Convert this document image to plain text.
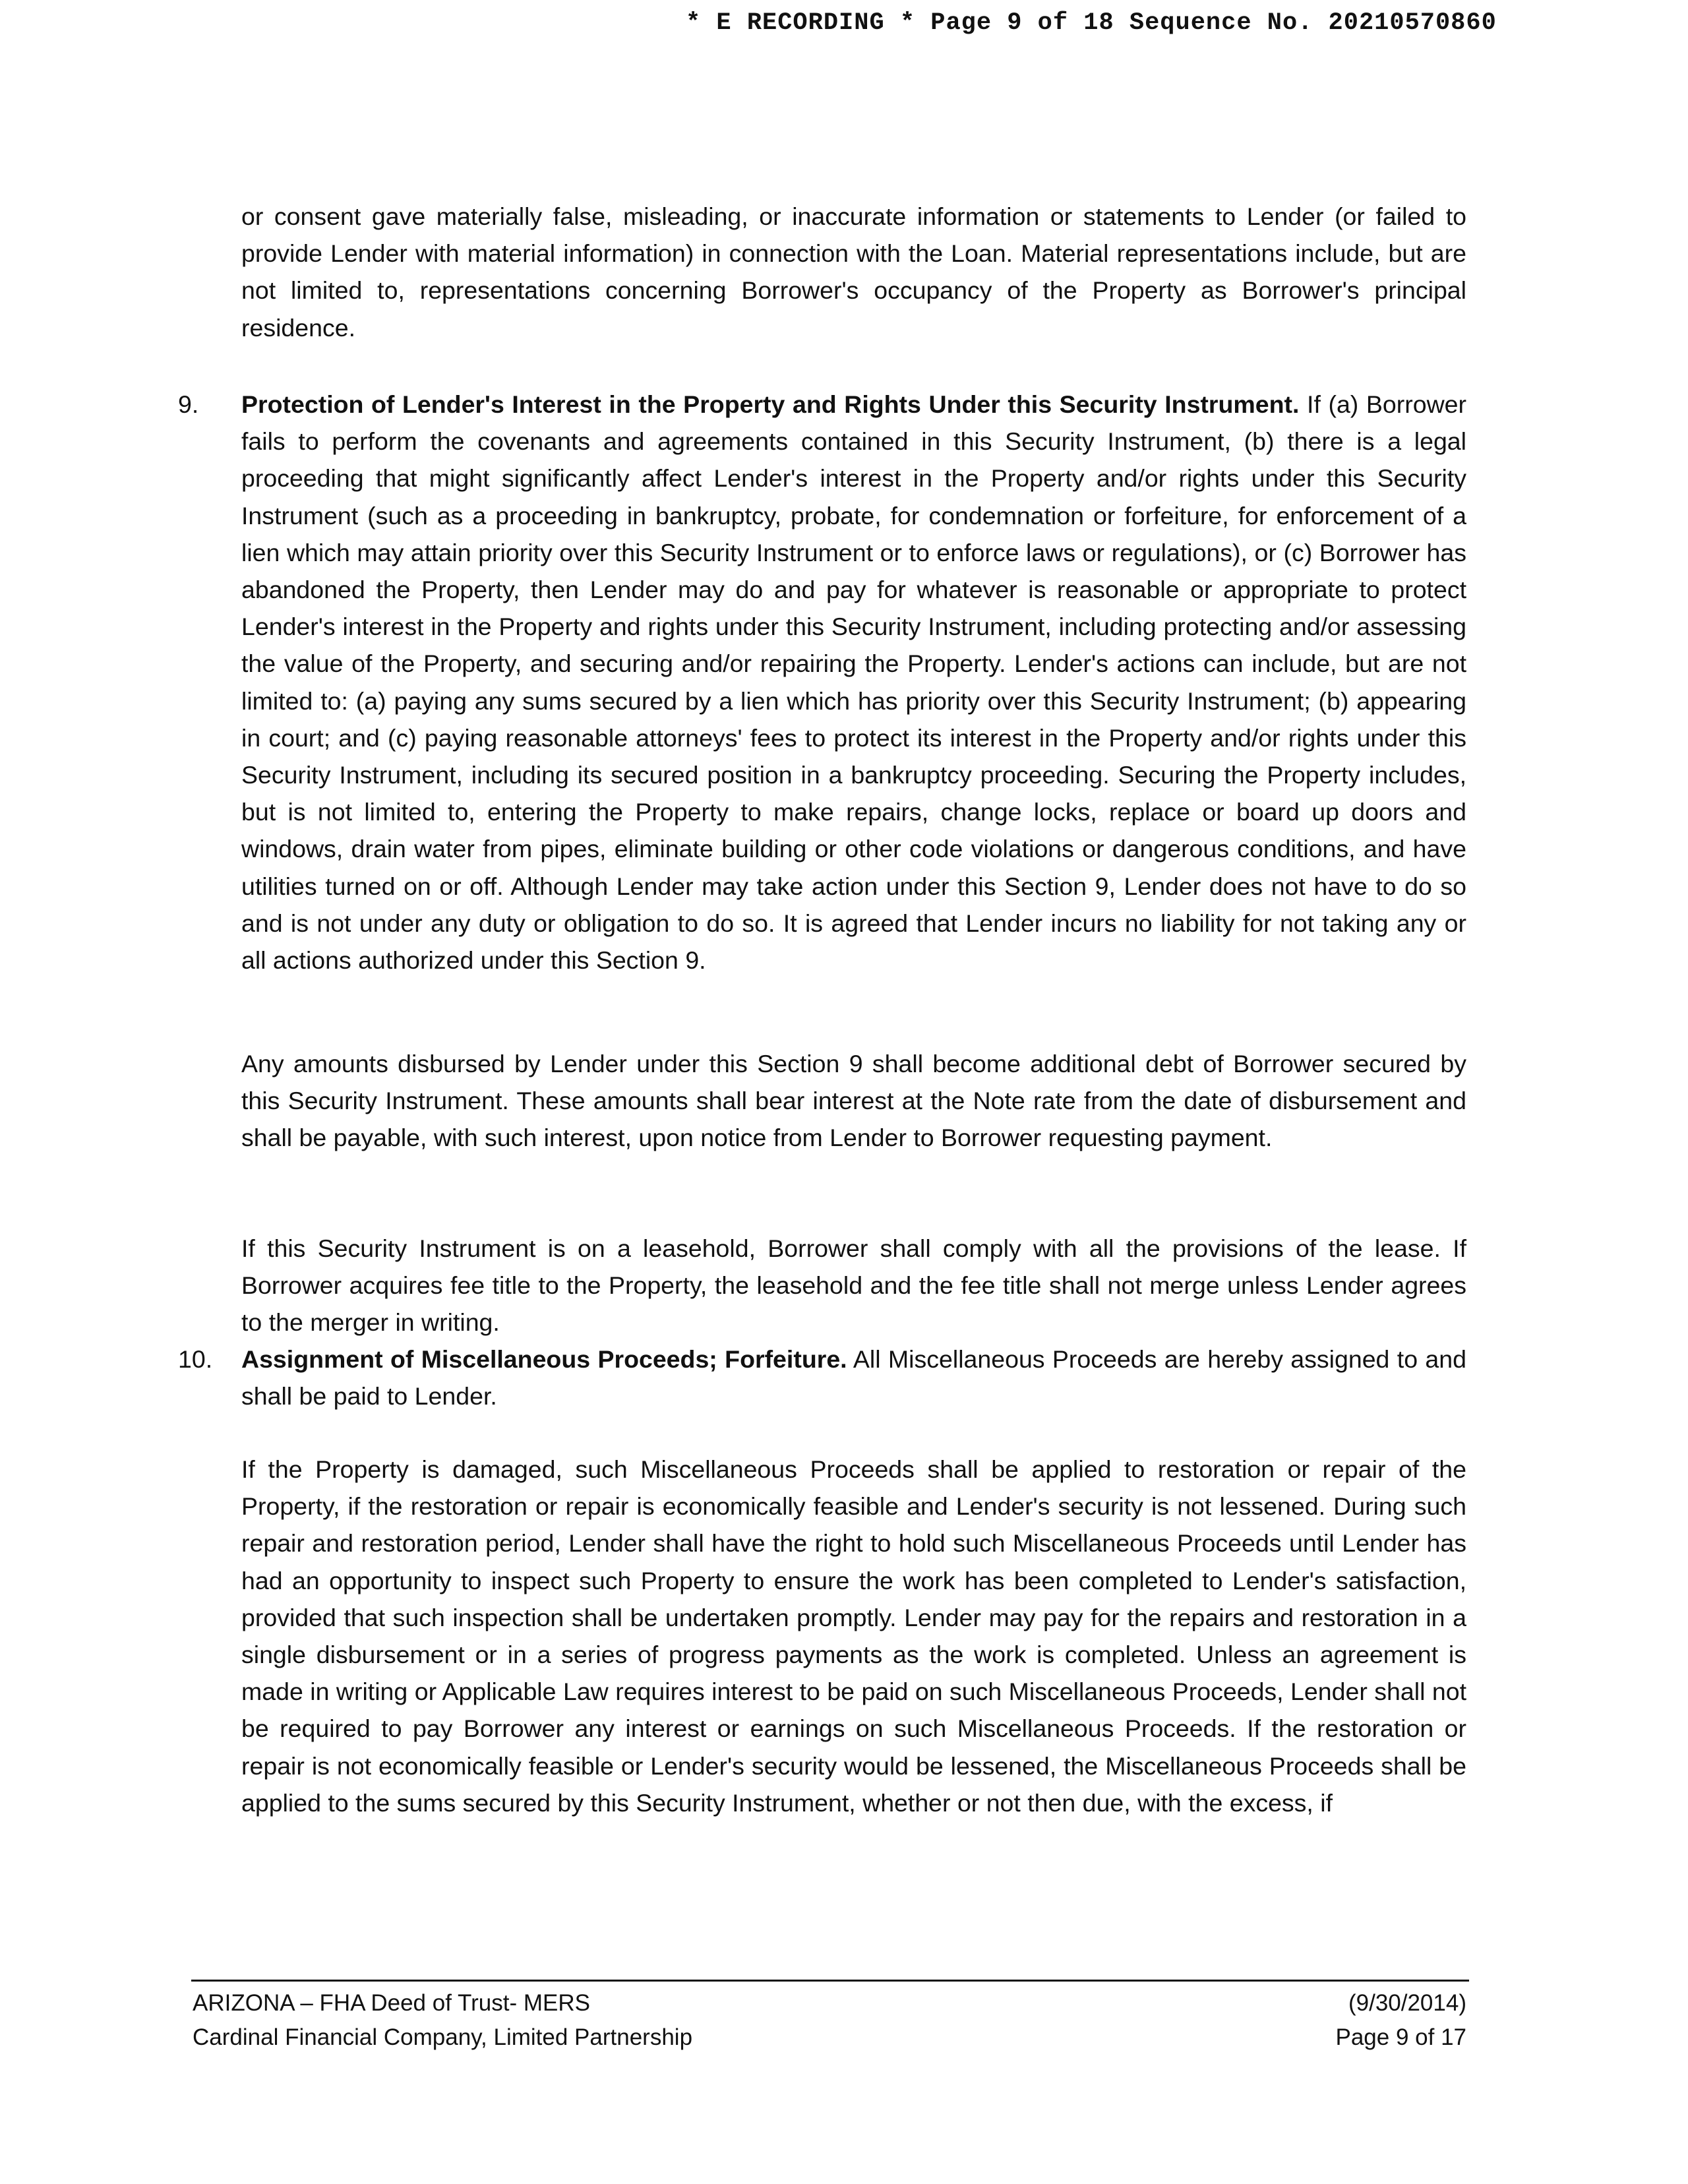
* E RECORDING * Page 9 of 18 Sequence No. 20210570860

or consent gave materially false, misleading, or inaccurate information or statements to Lender (or failed to provide Lender with material information) in connection with the Loan. Material representations include, but are not limited to, representations concerning Borrower's occupancy of the Property as Borrower's principal residence.

9.	Protection of Lender's Interest in the Property and Rights Under this Security Instrument. If (a) Borrower fails to perform the covenants and agreements contained in this Security Instrument, (b) there is a legal proceeding that might significantly affect Lender's interest in the Property and/or rights under this Security Instrument (such as a proceeding in bankruptcy, probate, for condemnation or forfeiture, for enforcement of a lien which may attain priority over this Security Instrument or to enforce laws or regulations), or (c) Borrower has abandoned the Property, then Lender may do and pay for whatever is reasonable or appropriate to protect Lender's interest in the Property and rights under this Security Instrument, including protecting and/or assessing the value of the Property, and securing and/or repairing the Property. Lender's actions can include, but are not limited to: (a) paying any sums secured by a lien which has priority over this Security Instrument; (b) appearing in court; and (c) paying reasonable attorneys' fees to protect its interest in the Property and/or rights under this Security Instrument, including its secured position in a bankruptcy proceeding. Securing the Property includes, but is not limited to, entering the Property to make repairs, change locks, replace or board up doors and windows, drain water from pipes, eliminate building or other code violations or dangerous conditions, and have utilities turned on or off. Although Lender may take action under this Section 9, Lender does not have to do so and is not under any duty or obligation to do so. It is agreed that Lender incurs no liability for not taking any or all actions authorized under this Section 9.

Any amounts disbursed by Lender under this Section 9 shall become additional debt of Borrower secured by this Security Instrument. These amounts shall bear interest at the Note rate from the date of disbursement and shall be payable, with such interest, upon notice from Lender to Borrower requesting payment.

If this Security Instrument is on a leasehold, Borrower shall comply with all the provisions of the lease. If Borrower acquires fee title to the Property, the leasehold and the fee title shall not merge unless Lender agrees to the merger in writing.

10.	Assignment of Miscellaneous Proceeds; Forfeiture. All Miscellaneous Proceeds are hereby assigned to and shall be paid to Lender.

If the Property is damaged, such Miscellaneous Proceeds shall be applied to restoration or repair of the Property, if the restoration or repair is economically feasible and Lender's security is not lessened. During such repair and restoration period, Lender shall have the right to hold such Miscellaneous Proceeds until Lender has had an opportunity to inspect such Property to ensure the work has been completed to Lender's satisfaction, provided that such inspection shall be undertaken promptly. Lender may pay for the repairs and restoration in a single disbursement or in a series of progress payments as the work is completed. Unless an agreement is made in writing or Applicable Law requires interest to be paid on such Miscellaneous Proceeds, Lender shall not be required to pay Borrower any interest or earnings on such Miscellaneous Proceeds. If the restoration or repair is not economically feasible or Lender's security would be lessened, the Miscellaneous Proceeds shall be applied to the sums secured by this Security Instrument, whether or not then due, with the excess, if

ARIZONA – FHA Deed of Trust- MERS
Cardinal Financial Company, Limited Partnership
(9/30/2014)
Page 9 of 17
